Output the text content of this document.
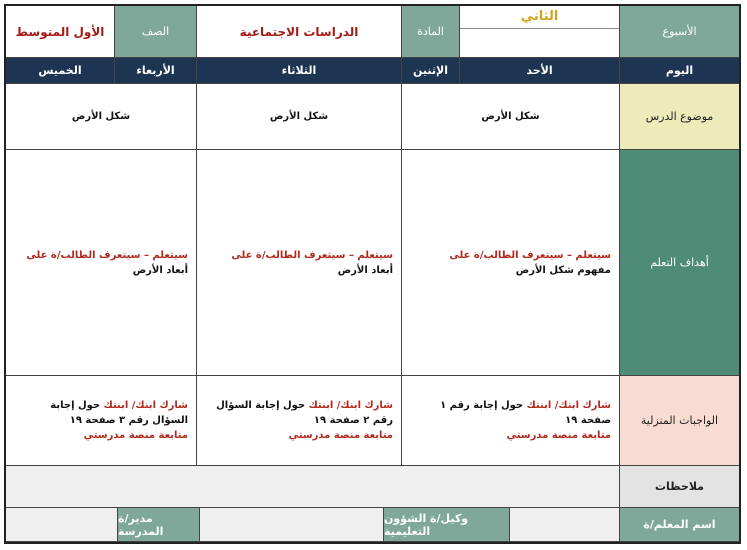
الأسبوع
الثاني
المادة
الدراسات الاجتماعية
الصف
الأول المتوسط
اليوم
الأحد
الإثنين
الثلاثاء
الأربعاء
الخميس
موضوع الدرس
شكل الأرض
شكل الأرض
شكل الأرض
أهداف التعلم
سيتعلم – سيتعرف الطالب/ة على
مفهوم شكل الأرض
سيتعلم – سيتعرف الطالب/ة على
أبعاد الأرض
سيتعلم – سيتعرف الطالب/ة على
أبعاد الأرض
الواجبات المنزلية
شارك ابنك/ ابنتك حول إجابة رقم ١ صفحة ١٩
متابعة منصة مدرستي
شارك ابنك/ ابنتك حول إجابة السؤال رقم ٢ صفحة ١٩
متابعة منصة مدرستي
شارك ابنك/ ابنتك حول إجابة السؤال رقم ٣ صفحة ١٩
متابعة منصة مدرستي
ملاحظات
اسم المعلم/ة
وكيل/ة الشؤون التعليمية
مدير/ة المدرسة
